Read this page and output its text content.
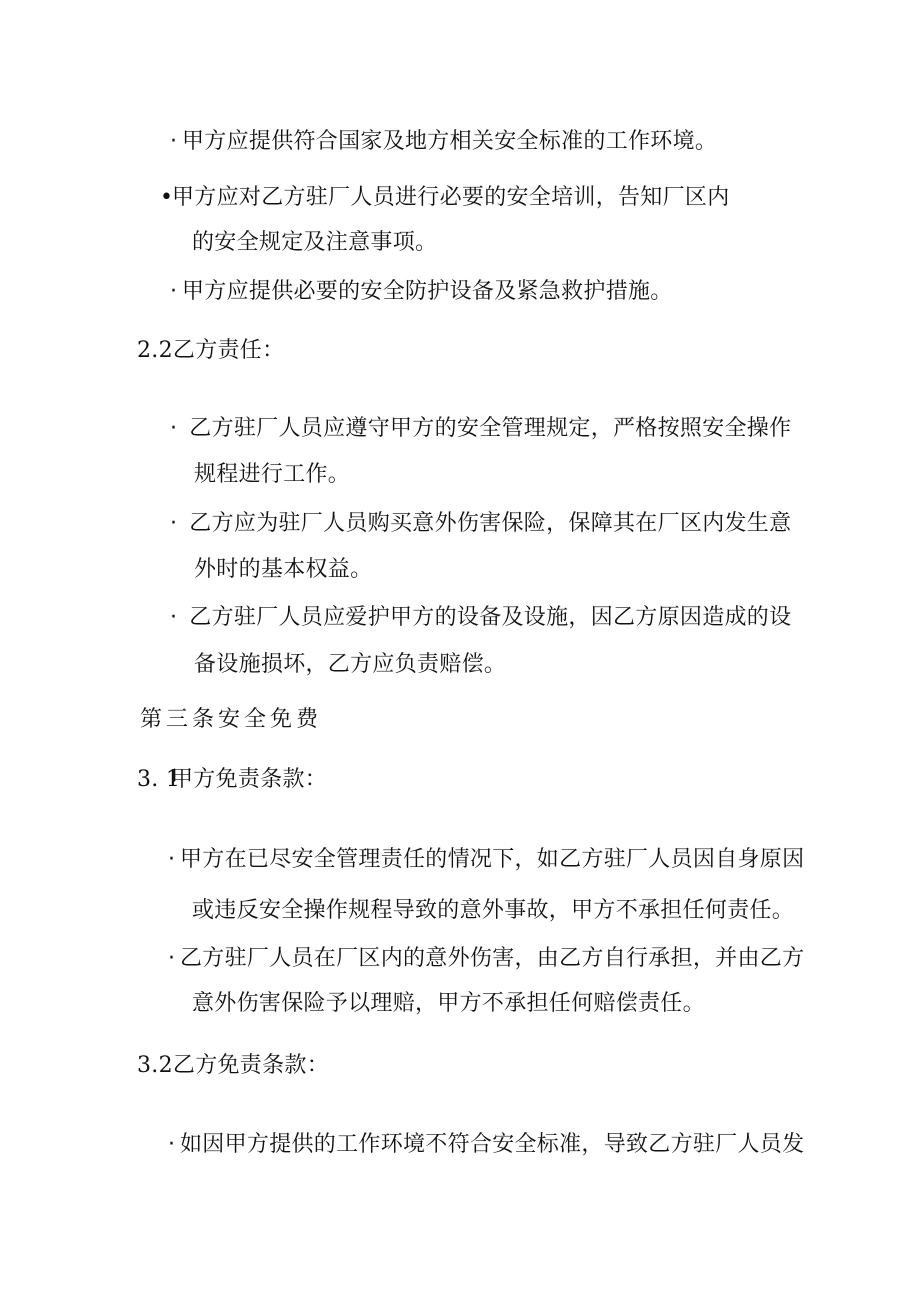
· 甲方应提供符合国家及地方相关安全标准的工作环境。
•甲方应对乙方驻厂人员进行必要的安全培训，告知厂区内
的安全规定及注意事项。
· 甲方应提供必要的安全防护设备及紧急救护措施。
2.2乙方责任：
· 乙方驻厂人员应遵守甲方的安全管理规定，严格按照安全操作
规程进行工作。
· 乙方应为驻厂人员购买意外伤害保险，保障其在厂区内发生意
外时的基本权益。
· 乙方驻厂人员应爱护甲方的设备及设施，因乙方原因造成的设
备设施损坏，乙方应负责赔偿。
第三条安全免费
3. 1甲方免责条款：
· 甲方在已尽安全管理责任的情况下，如乙方驻厂人员因自身原因
或违反安全操作规程导致的意外事故，甲方不承担任何责任。
· 乙方驻厂人员在厂区内的意外伤害，由乙方自行承担，并由乙方
意外伤害保险予以理赔，甲方不承担任何赔偿责任。
3.2乙方免责条款：
· 如因甲方提供的工作环境不符合安全标准，导致乙方驻厂人员发
